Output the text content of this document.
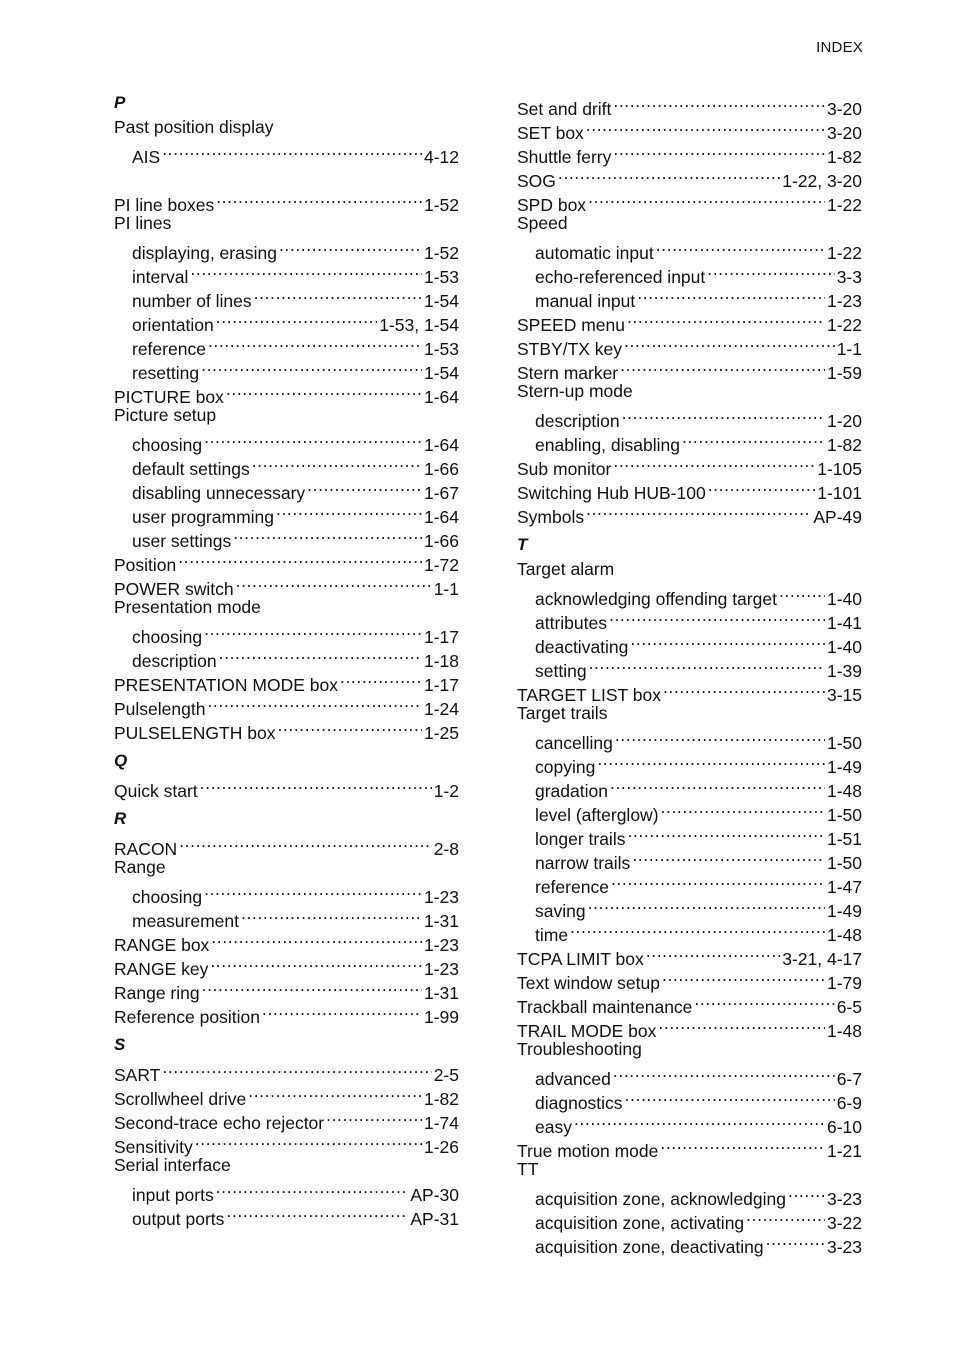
INDEX
P
Past position display
AIS .....	4-12
PI line boxes .....	1-52
PI lines
displaying, erasing .....	1-52
interval .....	1-53
number of lines .....	1-54
orientation .....	1-53, 1-54
reference .....	1-53
resetting .....	1-54
PICTURE box .....	1-64
Picture setup
choosing .....	1-64
default settings .....	1-66
disabling unnecessary .....	1-67
user programming .....	1-64
user settings .....	1-66
Position .....	1-72
POWER switch .....	1-1
Presentation mode
choosing .....	1-17
description .....	1-18
PRESENTATION MODE box .....	1-17
Pulselength .....	1-24
PULSELENGTH box .....	1-25
Q
Quick start .....	1-2
R
RACON .....	2-8
Range
choosing .....	1-23
measurement .....	1-31
RANGE box .....	1-23
RANGE key .....	1-23
Range ring .....	1-31
Reference position .....	1-99
S
SART .....	2-5
Scrollwheel drive .....	1-82
Second-trace echo rejector .....	1-74
Sensitivity .....	1-26
Serial interface
input ports .....	AP-30
output ports .....	AP-31
Set and drift .....	3-20
SET box .....	3-20
Shuttle ferry .....	1-82
SOG .....	1-22, 3-20
SPD box .....	1-22
Speed
automatic input .....	1-22
echo-referenced input .....	3-3
manual input .....	1-23
SPEED menu .....	1-22
STBY/TX key .....	1-1
Stern marker .....	1-59
Stern-up mode
description .....	1-20
enabling, disabling .....	1-82
Sub monitor .....	1-105
Switching Hub HUB-100 .....	1-101
Symbols .....	AP-49
T
Target alarm
acknowledging offending target .....	1-40
attributes .....	1-41
deactivating .....	1-40
setting .....	1-39
TARGET LIST box .....	3-15
Target trails
cancelling .....	1-50
copying .....	1-49
gradation .....	1-48
level (afterglow) .....	1-50
longer trails .....	1-51
narrow trails .....	1-50
reference .....	1-47
saving .....	1-49
time .....	1-48
TCPA LIMIT box .....	3-21, 4-17
Text window setup .....	1-79
Trackball maintenance .....	6-5
TRAIL MODE box .....	1-48
Troubleshooting
advanced .....	6-7
diagnostics .....	6-9
easy .....	6-10
True motion mode .....	1-21
TT
acquisition zone, acknowledging ..... 3-23
acquisition zone, activating .....	3-22
acquisition zone, deactivating .....	3-23
